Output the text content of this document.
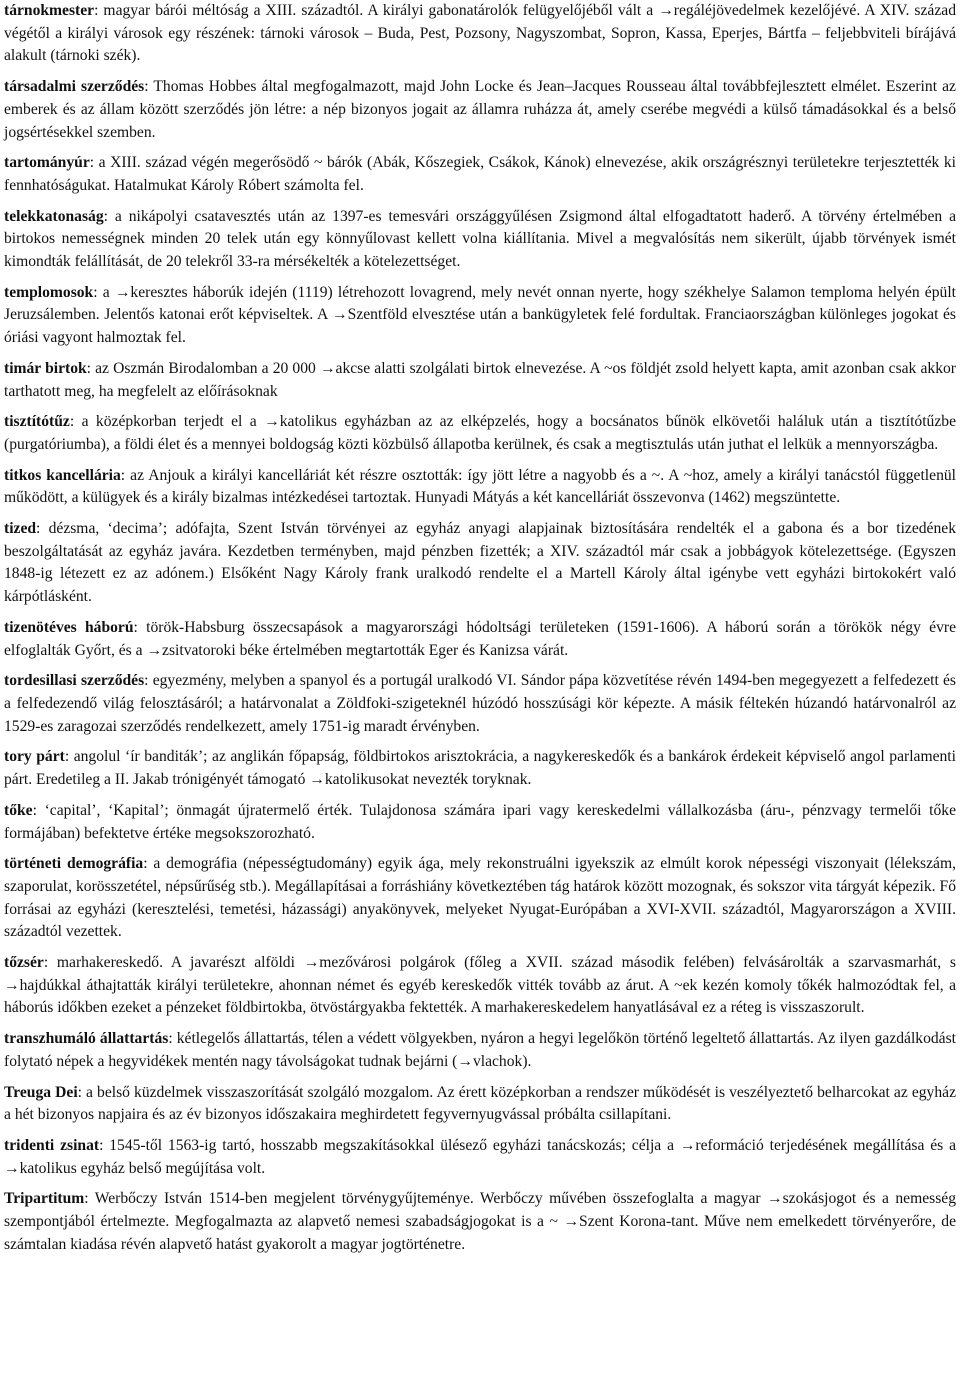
tárnokmester: magyar bárói méltóság a XIII. századtól. A királyi gabonatárolók felügyelőjéből vált a →regáléjövedelmek kezelőjévé. A XIV. század végétől a királyi városok egy részének: tárnoki városok – Buda, Pest, Pozsony, Nagyszombat, Sopron, Kassa, Eperjes, Bártfa – feljebbviteli bírájává alakult (tárnoki szék).

társadalmi szerződés: Thomas Hobbes által megfogalmazott, majd John Locke és Jean–Jacques Rousseau által továbbfejlesztett elmélet. Eszerint az emberek és az állam között szerződés jön létre: a nép bizonyos jogait az államra ruházza át, amely cserébe megvédi a külső támadásokkal és a belső jogsértésekkel szemben.

tartományúr: a XIII. század végén megerősödő ~ bárók (Abák, Kőszegiek, Csákok, Kánok) elnevezése, akik országrésznyi területekre terjesztették ki fennhatóságukat. Hatalmukat Károly Róbert számolta fel.

telekkatonaság: a nikápolyi csatavesztés után az 1397-es temesvári országgyűlésen Zsigmond által elfogadtatott haderő. A törvény értelmében a birtokos nemességnek minden 20 telek után egy könnyűlovast kellett volna kiállítania. Mivel a megvalósítás nem sikerült, újabb törvények ismét kimondták felállítását, de 20 telekről 33-ra mérsékelték a kötelezettséget.

templomosok: a →keresztes háborúk idején (1119) létrehozott lovagrend, mely nevét onnan nyerte, hogy székhelye Salamon temploma helyén épült Jeruzsálemben. Jelentős katonai erőt képviseltek. A →Szentföld elvesztése után a bankügyletek felé fordultak. Franciaországban különleges jogokat és óriási vagyont halmoztak fel.

timár birtok: az Oszmán Birodalomban a 20 000 →akcse alatti szolgálati birtok elnevezése. A ~os földjét zsold helyett kapta, amit azonban csak akkor tarthatott meg, ha megfelelt az előírásoknak

tisztítótűz: a középkorban terjedt el a →katolikus egyházban az az elképzelés, hogy a bocsánatos bűnök elkövetői haláluk után a tisztítótűzbe (purgatóriumba), a földi élet és a mennyei boldogság közti közbülső állapotba kerülnek, és csak a megtisztulás után juthat el lelkük a mennyországba.

titkos kancellária: az Anjouk a királyi kancelláriát két részre osztották: így jött létre a nagyobb és a ~. A ~hoz, amely a királyi tanácstól függetlenül működött, a külügyek és a király bizalmas intézkedései tartoztak. Hunyadi Mátyás a két kancelláriát összevonva (1462) megszüntette.

tized: dézsma, ‘decima’; adófajta, Szent István törvényei az egyház anyagi alapjainak biztosítására rendelték el a gabona és a bor tizedének beszolgáltatását az egyház javára. Kezdetben terményben, majd pénzben fizették; a XIV. századtól már csak a jobbágyok kötelezettsége. (Egyszen 1848-ig létezett ez az adónem.) Elsőként Nagy Károly frank uralkodó rendelte el a Martell Károly által igénybe vett egyházi birtokokért való kárpótlásként.

tizenötéves háború: török-Habsburg összecsapások a magyarországi hódoltsági területeken (1591-1606). A háború során a törökök négy évre elfoglalták Győrt, és a →zsitvatoroki béke értelmében megtartották Eger és Kanizsa várát.

tordesillasi szerződés: egyezmény, melyben a spanyol és a portugál uralkodó VI. Sándor pápa közvetítése révén 1494-ben megegyezett a felfedezett és a felfedezendő világ felosztásáról; a határvonalat a Zöldfoki-szigeteknél húzódó hosszúsági kör képezte. A másik féltekén húzandó határvonalról az 1529-es zaragozai szerződés rendelkezett, amely 1751-ig maradt érvényben.

tory párt: angolul ‘ír banditák’; az anglikán főpapság, földbirtokos arisztokrácia, a nagykereskedők és a bankárok érdekeit képviselő angol parlamenti párt. Eredetileg a II. Jakab trónigényét támogató →katolikusokat nevezték toryknak.

tőke: ‘capital’, ‘Kapital’; önmagát újratermelő érték. Tulajdonosa számára ipari vagy kereskedelmi vállalkozásba (áru-, pénzvagy termelői tőke formájában) befektetve értéke megsokszorozható.

történeti demográfia: a demográfia (népességtudomány) egyik ága, mely rekonstruálni igyekszik az elmúlt korok népességi viszonyait (lélekszám, szaporulat, korösszetétel, népsűrűség stb.). Megállapításai a forráshiány következtében tág határok között mozognak, és sokszor vita tárgyát képezik. Fő forrásai az egyházi (keresztelési, temetési, házassági) anyakönyvek, melyeket Nyugat-Európában a XVI-XVII. századtól, Magyarországon a XVIII. századtól vezettek.

tőzsér: marhakereskedő. A javarészt alföldi →mezővárosi polgárok (főleg a XVII. század második felében) felvásárolták a szarvasmarhát, s →hajdúkkal áthajtatták királyi területekre, ahonnan német és egyéb kereskedők vitték tovább az árut. A ~ek kezén komoly tőkék halmozódtak fel, a háborús időkben ezeket a pénzeket földbirtokba, ötvöstárgyakba fektették. A marhakereskedelem hanyatlásával ez a réteg is visszaszorult.

transzhumáló állattartás: kétlegelős állattartás, télen a védett völgyekben, nyáron a hegyi legelőkön történő legeltető állattartás. Az ilyen gazdálkodást folytató népek a hegyvidékek mentén nagy távolságokat tudnak bejárni (→vlachok).

Treuga Dei: a belső küzdelmek visszaszorítását szolgáló mozgalom. Az érett középkorban a rendszer működését is veszélyeztető belharcokat az egyház a hét bizonyos napjaira és az év bizonyos időszakaira meghirdetett fegyvernyugvással próbálta csillapítani.

tridenti zsinat: 1545-től 1563-ig tartó, hosszabb megszakításokkal ülésező egyházi tanácskozás; célja a →reformáció terjedésének megállítása és a →katolikus egyház belső megújítása volt.

Tripartitum: Werbőczy István 1514-ben megjelent törvénygyűjteménye. Werbőczy művében összefoglalta a magyar →szokásjogot és a nemesség szempontjából értelmezte. Megfogalmazta az alapvető nemesi szabadságjogokat is a ~ →Szent Korona-tant. Műve nem emelkedett törvényerőre, de számtalan kiadása révén alapvető hatást gyakorolt a magyar jogtörténetre.
